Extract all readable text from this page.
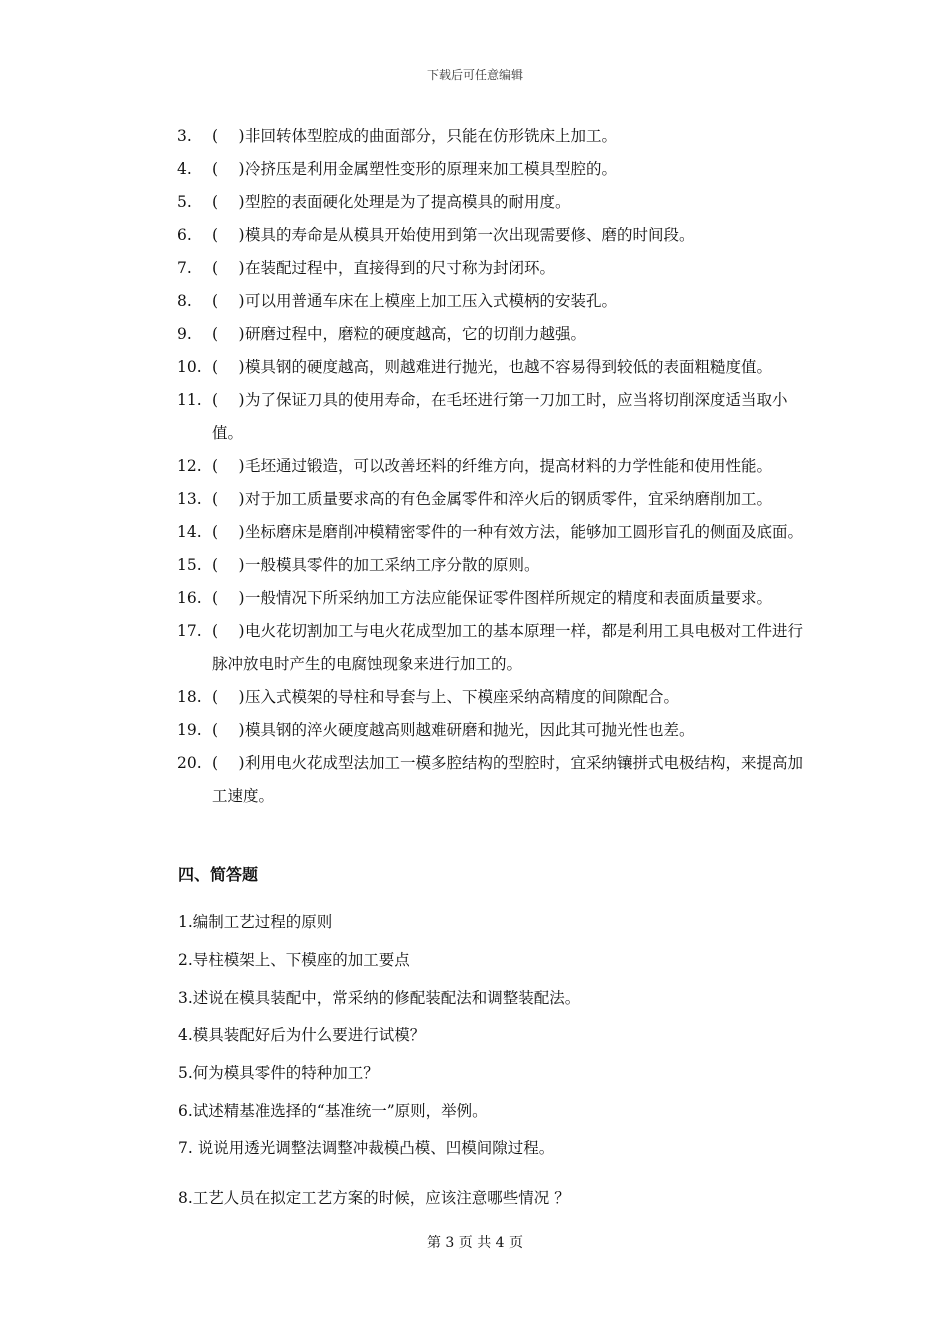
下载后可任意编辑
3. (　 ) 非回转体型腔成的曲面部分，只能在仿形铣床上加工。
4. (　 ) 冷挤压是利用金属塑性变形的原理来加工模具型腔的。
5. (　 ) 型腔的表面硬化处理是为了提高模具的耐用度。
6. (　 ) 模具的寿命是从模具开始使用到第一次出现需要修、磨的时间段。
7. (　 ) 在装配过程中，直接得到的尺寸称为封闭环。
8. (　 ) 可以用普通车床在上模座上加工压入式模柄的安装孔。
9. (　 ) 研磨过程中，磨粒的硬度越高，它的切削力越强。
10. (　 ) 模具钢的硬度越高，则越难进行抛光，也越不容易得到较低的表面粗糙度值。
11. (　 ) 为了保证刀具的使用寿命，在毛坯进行第一刀加工时，应当将切削深度适当取小值。
12. (　 ) 毛坯通过锻造，可以改善坯料的纤维方向，提高材料的力学性能和使用性能。
13. (　 ) 对于加工质量要求高的有色金属零件和淬火后的钢质零件，宜采纳磨削加工。
14. (　 ) 坐标磨床是磨削冲模精密零件的一种有效方法，能够加工圆形盲孔的侧面及底面。
15. (　 ) 一般模具零件的加工采纳工序分散的原则。
16. (　 ) 一般情况下所采纳加工方法应能保证零件图样所规定的精度和表面质量要求。
17. (　 ) 电火花切割加工与电火花成型加工的基本原理一样，都是利用工具电极对工件进行脉冲放电时产生的电腐蚀现象来进行加工的。
18. (　 ) 压入式模架的导柱和导套与上、下模座采纳高精度的间隙配合。
19. (　 ) 模具钢的淬火硬度越高则越难研磨和抛光，因此其可抛光性也差。
20. (　 ) 利用电火花成型法加工一模多腔结构的型腔时，宜采纳镶拼式电极结构，来提高加工速度。
四、简答题
1.编制工艺过程的原则
2.导柱模架上、下模座的加工要点
3.述说在模具装配中，常采纳的修配装配法和调整装配法。
4.模具装配好后为什么要进行试模？
5.何为模具零件的特种加工？
6.试述精基准选择的“基准统一”原则，举例。
7. 说说用透光调整法调整冲裁模凸模、凹模间隙过程。
8.工艺人员在拟定工艺方案的时候，应该注意哪些情况 ？
第 3 页 共 4 页
